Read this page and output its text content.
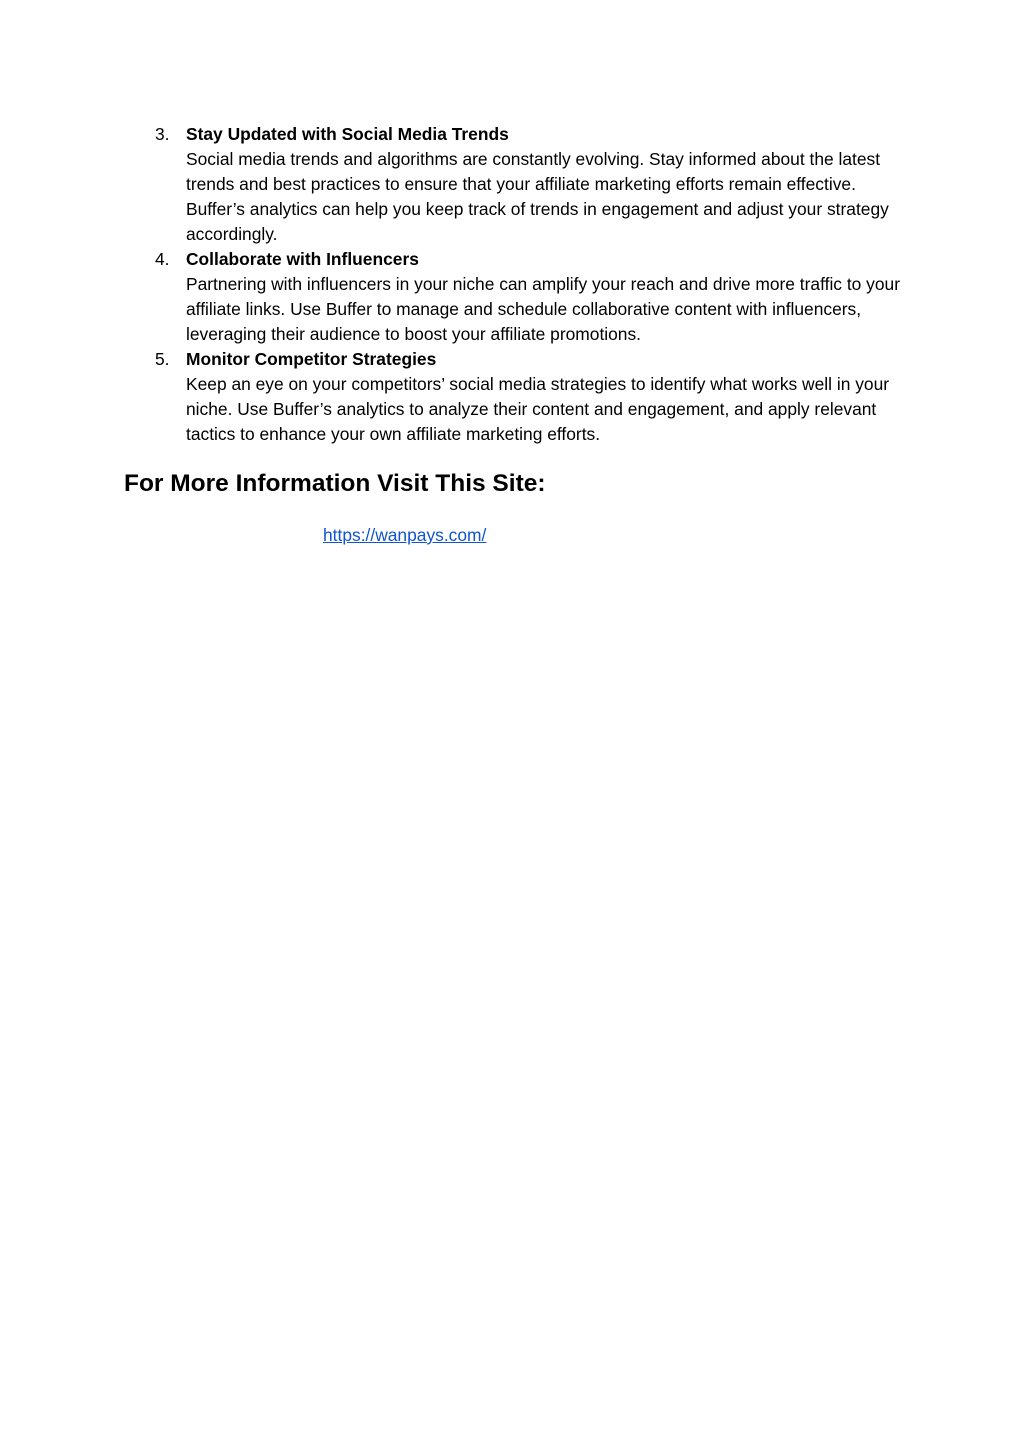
3. Stay Updated with Social Media Trends
Social media trends and algorithms are constantly evolving. Stay informed about the latest trends and best practices to ensure that your affiliate marketing efforts remain effective. Buffer’s analytics can help you keep track of trends in engagement and adjust your strategy accordingly.
4. Collaborate with Influencers
Partnering with influencers in your niche can amplify your reach and drive more traffic to your affiliate links. Use Buffer to manage and schedule collaborative content with influencers, leveraging their audience to boost your affiliate promotions.
5. Monitor Competitor Strategies
Keep an eye on your competitors’ social media strategies to identify what works well in your niche. Use Buffer’s analytics to analyze their content and engagement, and apply relevant tactics to enhance your own affiliate marketing efforts.
For More Information Visit This Site:
https://wanpays.com/
